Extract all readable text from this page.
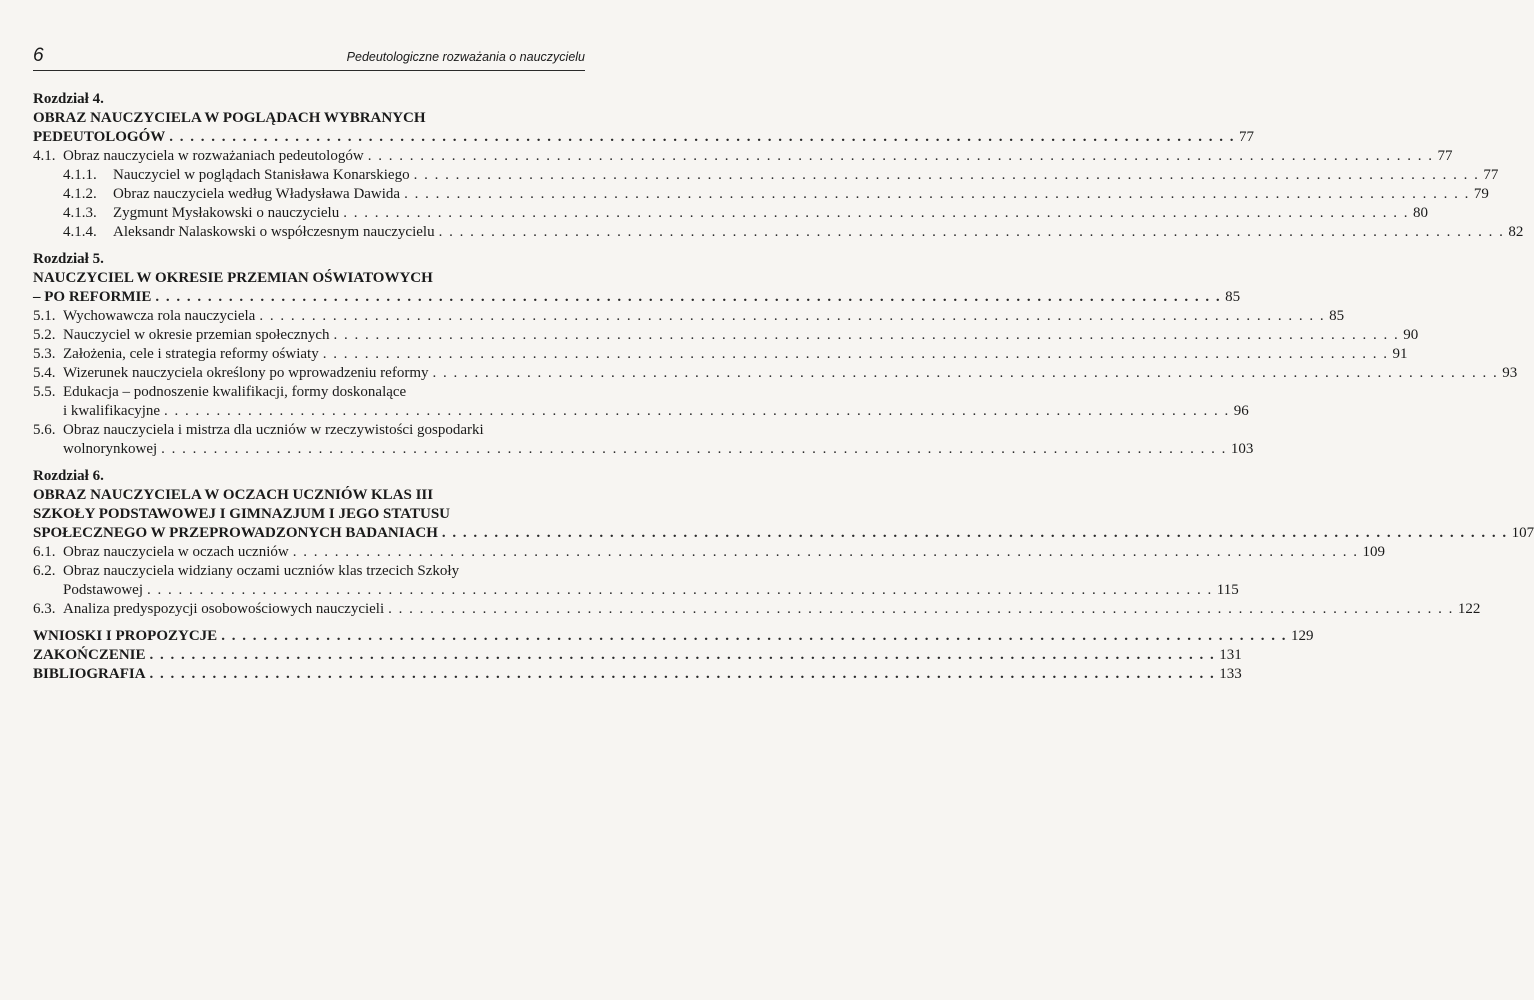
6	Pedeutologiczne rozważania o nauczycielu
Rozdział 4.
OBRAZ NAUCZYCIELA W POGLĄDACH WYBRANYCH
PEDEUTOLOGÓW . . .	77
4.1. Obraz nauczyciela w rozważaniach pedeutologów . . .	77
4.1.1.	Nauczyciel w poglądach Stanisława Konarskiego . . .	77
4.1.2.	Obraz nauczyciela według Władysława Dawida . . .	79
4.1.3.	Zygmunt Mysłakowski o nauczycielu . . .	80
4.1.4.	Aleksandr Nalaskowski o współczesnym nauczycielu . . .	82
Rozdział 5.
NAUCZYCIEL W OKRESIE PRZEMIAN OŚWIATOWYCH
– PO REFORMIE . . .	85
5.1. Wychowawcza rola nauczyciela . . .	85
5.2. Nauczyciel w okresie przemian społecznych . . .	90
5.3. Założenia, cele i strategia reformy oświaty . . .	91
5.4. Wizerunek nauczyciela określony po wprowadzeniu reformy . . .	93
5.5. Edukacja – podnoszenie kwalifikacji, formy doskonalące
i kwalifikacyjne . . .	96
5.6. Obraz nauczyciela i mistrza dla uczniów w rzeczywistości gospodarki
wolnorynkowej . . .	103
Rozdział 6.
OBRAZ NAUCZYCIELA W OCZACH UCZNIÓW KLAS III
SZKOŁY PODSTAWOWEJ I GIMNAZJUM I JEGO STATUSU
SPOŁECZNEGO W PRZEPROWADZONYCH BADANIACH . . .	107
6.1. Obraz nauczyciela w oczach uczniów . . .	109
6.2. Obraz nauczyciela widziany oczami uczniów klas trzecich Szkoły
Podstawowej . . .	115
6.3. Analiza predyspozycji osobowościowych nauczycieli . . .	122
WNIOSKI I PROPOZYCJE . . .	129
ZAKOŃCZENIE . . .	131
BIBLIOGRAFIA . . .	133
